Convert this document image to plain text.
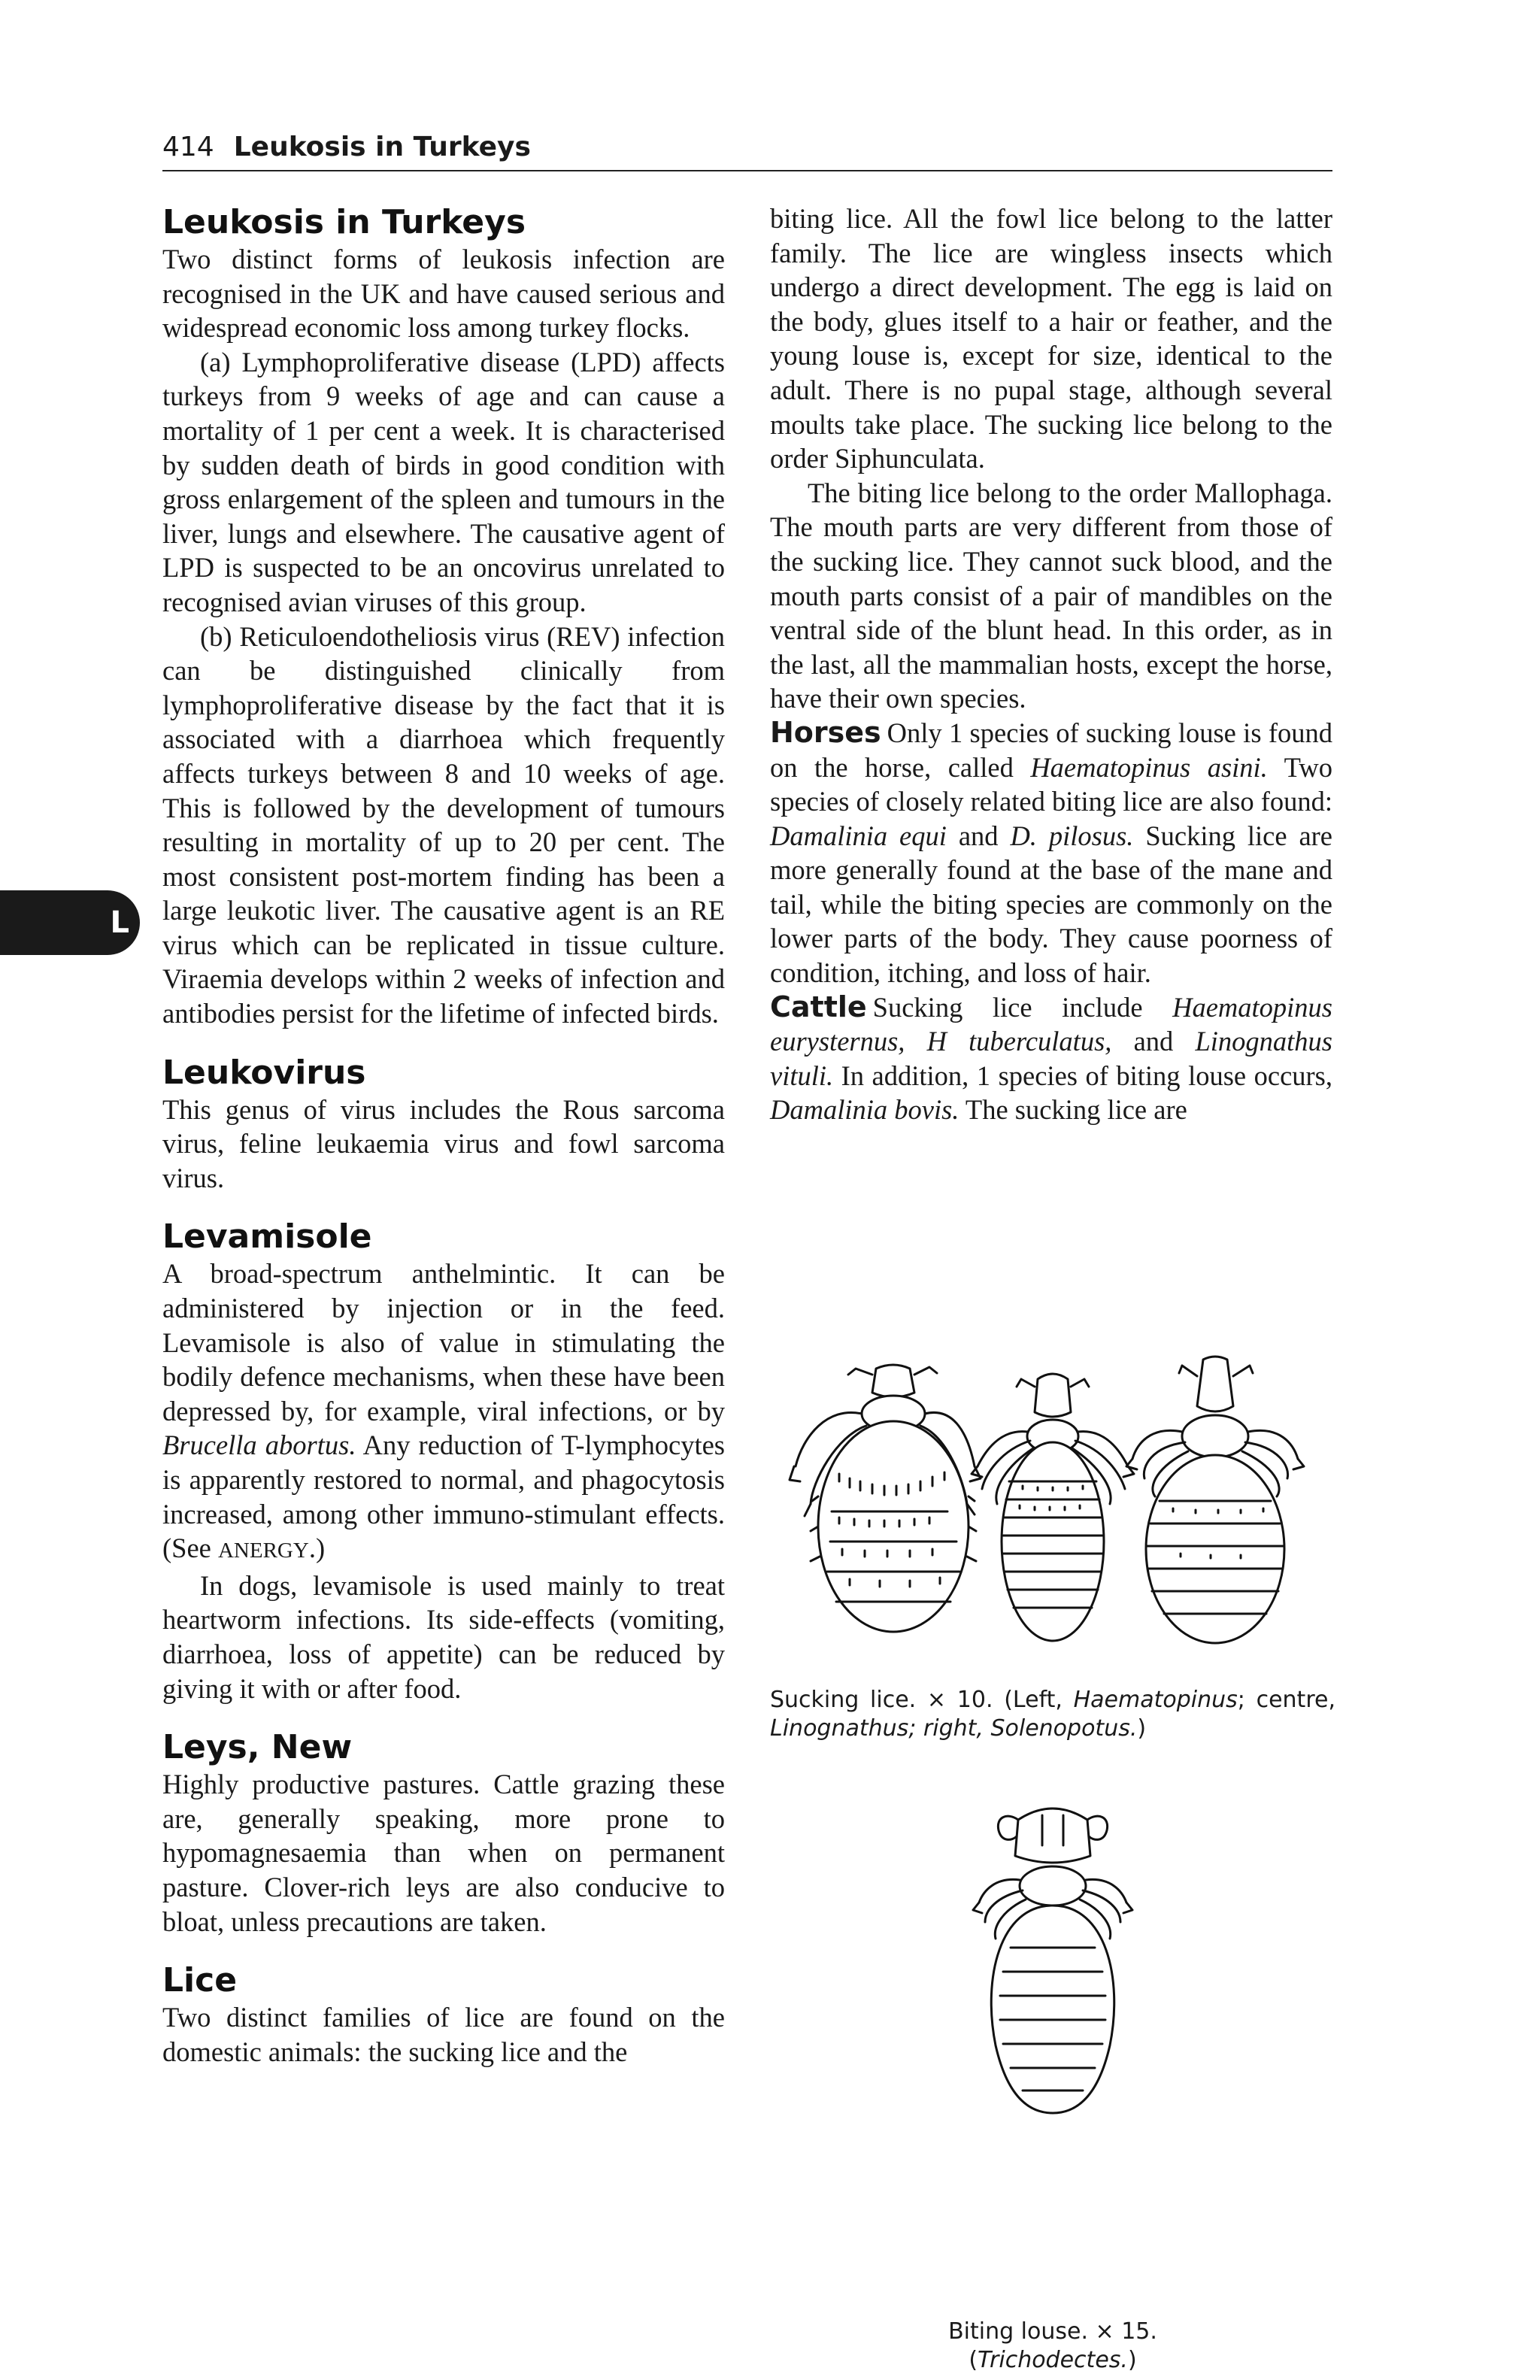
414 Leukosis in Turkeys
L
Leukosis in Turkeys

Two distinct forms of leukosis infection are recognised in the UK and have caused serious and widespread economic loss among turkey flocks.

(a) Lymphoproliferative disease (LPD) affects turkeys from 9 weeks of age and can cause a mortality of 1 per cent a week. It is characterised by sudden death of birds in good condition with gross enlargement of the spleen and tumours in the liver, lungs and elsewhere. The causative agent of LPD is suspected to be an oncovirus unrelated to recognised avian viruses of this group.

(b) Reticuloendotheliosis virus (REV) infection can be distinguished clinically from lymphoproliferative disease by the fact that it is associated with a diarrhoea which frequently affects turkeys between 8 and 10 weeks of age. This is followed by the development of tumours resulting in mortality of up to 20 per cent. The most consistent post-mortem finding has been a large leukotic liver. The causative agent is an RE virus which can be replicated in tissue culture. Viraemia develops within 2 weeks of infection and antibodies persist for the lifetime of infected birds.

Leukovirus

This genus of virus includes the Rous sarcoma virus, feline leukaemia virus and fowl sarcoma virus.

Levamisole

A broad-spectrum anthelmintic. It can be administered by injection or in the feed. Levamisole is also of value in stimulating the bodily defence mechanisms, when these have been depressed by, for example, viral infections, or by Brucella abortus. Any reduction of T-lymphocytes is apparently restored to normal, and phagocytosis increased, among other immuno-stimulant effects. (See ANERGY.)

In dogs, levamisole is used mainly to treat heartworm infections. Its side-effects (vomiting, diarrhoea, loss of appetite) can be reduced by giving it with or after food.

Leys, New

Highly productive pastures. Cattle grazing these are, generally speaking, more prone to hypomagnesaemia than when on permanent pasture. Clover-rich leys are also conducive to bloat, unless precautions are taken.

Lice

Two distinct families of lice are found on the domestic animals: the sucking lice and the

biting lice. All the fowl lice belong to the latter family. The lice are wingless insects which undergo a direct development. The egg is laid on the body, glues itself to a hair or feather, and the young louse is, except for size, identical to the adult. There is no pupal stage, although several moults take place. The sucking lice belong to the order Siphunculata.

The biting lice belong to the order Mallophaga. The mouth parts are very different from those of the sucking lice. They cannot suck blood, and the mouth parts consist of a pair of mandibles on the ventral side of the blunt head. In this order, as in the last, all the mammalian hosts, except the horse, have their own species.

Horses Only 1 species of sucking louse is found on the horse, called Haematopinus asini. Two species of closely related biting lice are also found: Damalinia equi and D. pilosus. Sucking lice are more generally found at the base of the mane and tail, while the biting species are commonly on the lower parts of the body. They cause poorness of condition, itching, and loss of hair.

Cattle Sucking lice include Haematopinus eurysternus, H tuberculatus, and Linognathus vituli. In addition, 1 species of biting louse occurs, Damalinia bovis. The sucking lice are

Sucking lice. × 10. (Left, Haematopinus; centre, Linognathus; right, Solenopotus.)
Biting louse. × 15. (Trichodectes.)
